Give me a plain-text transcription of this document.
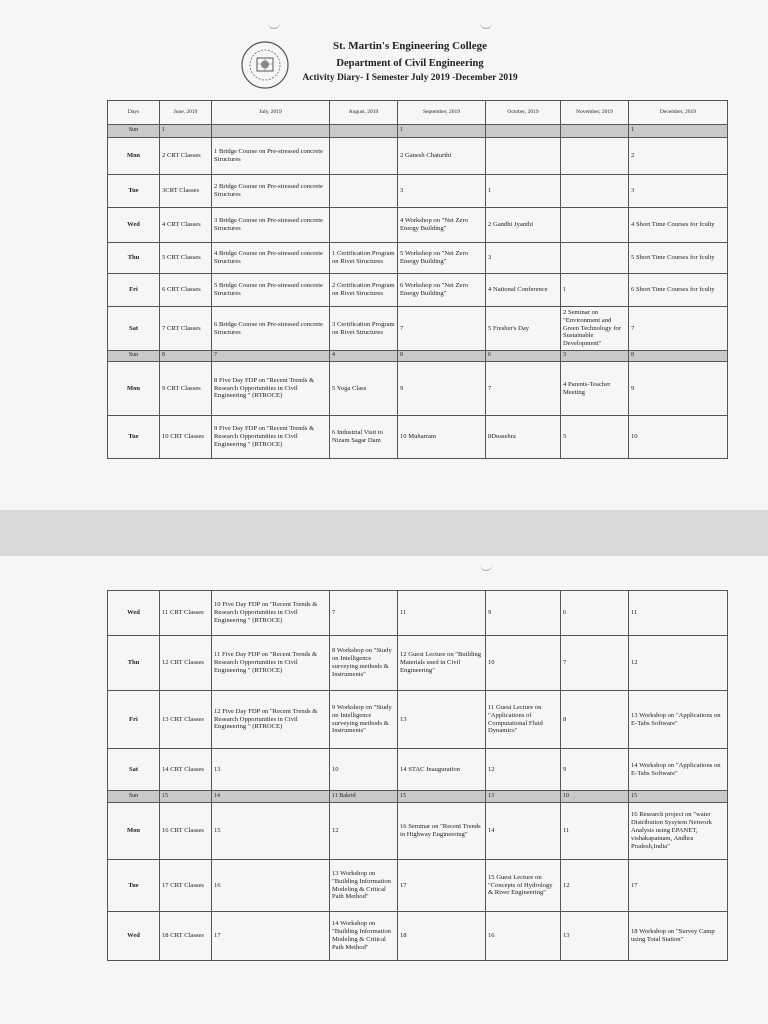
St. Martin's Engineering College
Department of Civil Engineering
Activity Diary- I Semester July 2019 -December 2019
Days	June, 2019	July, 2019	August, 2019	September, 2019	October, 2019	November, 2019	December, 2019
Sun	1			1			1
Mon	2 CRT Classes	1 Bridge Course on Pre-stressed concrete Structures		2 Ganesh Chaturthi			2
Tue	3CRT Classes	2 Bridge Course on Pre-stressed concrete Structures		3	1		3
Wed	4 CRT Classes	3 Bridge Course on Pre-stressed concrete Structures		4 Workshop on "Net Zero Energy Building"	2 Gandhi Jyanthi		4 Short Time Courses for fculty
Thu	5 CRT Classes	4 Bridge Course on Pre-stressed concrete Structures	1 Certification Program on Rivet Structures	5 Workshop on "Net Zero Energy Building"	3		5 Short Time Courses for fculty
Fri	6 CRT Classes	5 Bridge Course on Pre-stressed concrete Structures	2 Certification Program on Rivet Structures	6 Workshop on "Net Zero Energy Building"	4 National Conference	1	6 Short Time Courses for fculty
Sat	7 CRT Classes	6 Bridge Course on Pre-stressed concrete Structures	3 Certification Program on Rivet Structures	7	5 Fresher's Day	2 Seminar on "Environment and Green Technology for Sustainable Development"	7
Sun	8	7	4	8	6	3	8
Mon	9 CRT Classes	8 Five Day FDP on "Recent Trends & Research Opportunities in Civil Engineering " (RTROCE)	5 Yoga Class	9	7	4 Parents-Teacher Meeting	9
Tue	10 CRT Classes	9 Five Day FDP on "Recent Trends & Research Opportunities in Civil Engineering " (RTROCE)	6 Industrial Visit to Nizam Sagar Dam	10 Muharram	8Dussehra	5	10
Wed	11 CRT Classes	10 Five Day FDP on "Recent Trends & Research Opportunities in Civil Engineering " (RTROCE)	7	11	9	6	11
Thu	12 CRT Classes	11 Five Day FDP on "Recent Trends & Research Opportunities in Civil Engineering " (RTROCE)	8 Workshop on "Study on Intelligence surveying methods & Instruments"	12 Guest Lecture on "Building Materials used in Civil Engineering"	10	7	12
Fri	13 CRT Classes	12 Five Day FDP on "Recent Trends & Research Opportunities in Civil Engineering " (RTROCE)	9 Workshop on "Study on Intelligence surveying methods & Instruments"	13	11 Guest Lecture on "Applications of Computational Fluid Dynamics"	8	13 Workshop on "Applications on E-Tabs Software"
Sat	14 CRT Classes	13	10	14 STAC Inauguration	12	9	14 Workshop on "Applications on E-Tabs Software"
Sun	15	14	11 Bakrid	15	13	10	15
Mon	16 CRT Classes	15	12	16 Seminar on "Recent Trends in Highway Engineering"	14	11	16 Research project on "water Distribution Sysytem Network Analysis using EPANET, vishakapatnam, Andhra Pradesh,India"
Tue	17 CRT Classes	16	13 Workshop on "Building Information Modeling & Critical Path Method"	17	15 Guest Lecture on "Concepts of Hydrology & River Engineering"	12	17
Wed	18 CRT Classes	17	14 Workshop on "Building Information Modeling & Critical Path Method"	18	16	13	18 Workshop on "Survey Camp using Total Station"
